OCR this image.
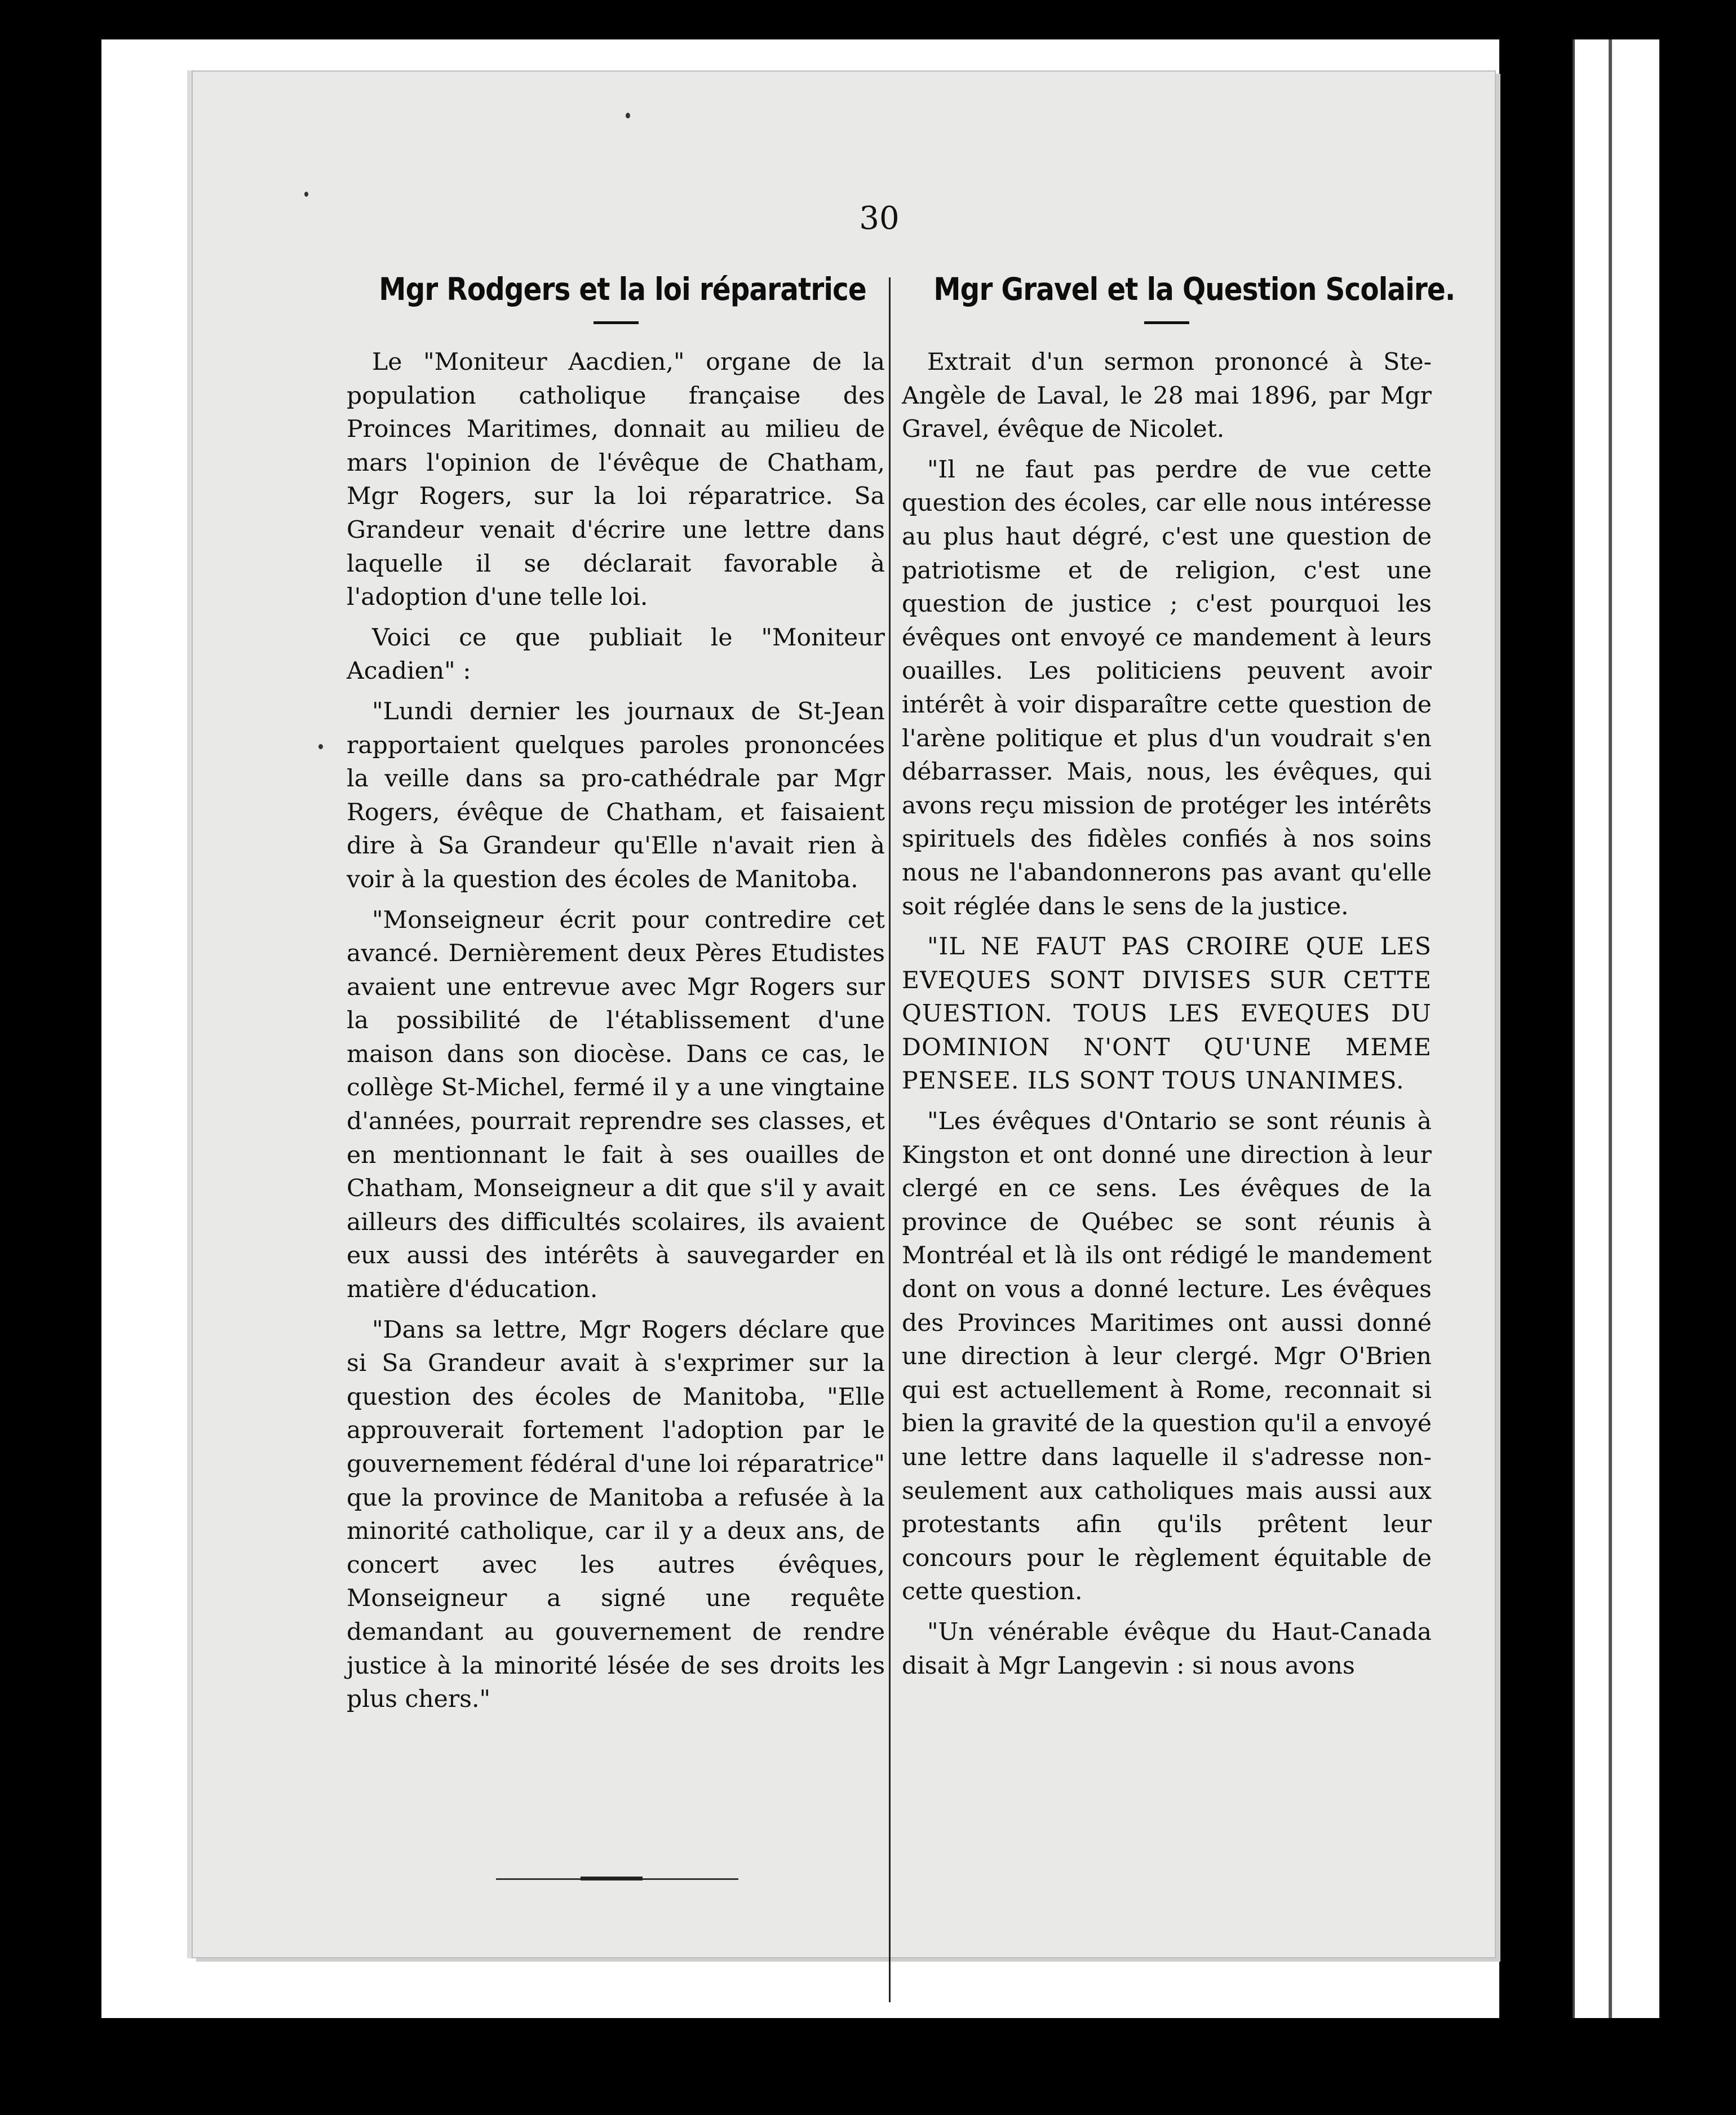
30
Mgr Rodgers et la loi réparatrice

Le "Moniteur Aacdien," organe de la population catholique française des Proinces Maritimes, donnait au milieu de mars l'opinion de l'évêque de Chatham, Mgr Rogers, sur la loi réparatrice. Sa Grandeur venait d'écrire une lettre dans laquelle il se déclarait favorable à l'adoption d'une telle loi.

Voici ce que publiait le "Moniteur Acadien" :

"Lundi dernier les journaux de St-Jean rapportaient quelques paroles prononcées la veille dans sa pro-cathédrale par Mgr Rogers, évêque de Chatham, et faisaient dire à Sa Grandeur qu'Elle n'avait rien à voir à la question des écoles de Manitoba.

"Monseigneur écrit pour contredire cet avancé. Dernièrement deux Pères Etudistes avaient une entrevue avec Mgr Rogers sur la possibilité de l'établissement d'une maison dans son diocèse. Dans ce cas, le collège St-Michel, fermé il y a une vingtaine d'années, pourrait reprendre ses classes, et en mentionnant le fait à ses ouailles de Chatham, Monseigneur a dit que s'il y avait ailleurs des difficultés scolaires, ils avaient eux aussi des intérêts à sauvegarder en matière d'éducation.

"Dans sa lettre, Mgr Rogers déclare que si Sa Grandeur avait à s'exprimer sur la question des écoles de Manitoba, "Elle approuverait fortement l'adoption par le gouvernement fédéral d'une loi réparatrice" que la province de Manitoba a refusée à la minorité catholique, car il y a deux ans, de concert avec les autres évêques, Monseigneur a signé une requête demandant au gouvernement de rendre justice à la minorité lésée de ses droits les plus chers."

Mgr Gravel et la Question Scolaire.

Extrait d'un sermon prononcé à Ste-Angèle de Laval, le 28 mai 1896, par Mgr Gravel, évêque de Nicolet.

"Il ne faut pas perdre de vue cette question des écoles, car elle nous intéresse au plus haut dégré, c'est une question de patriotisme et de religion, c'est une question de justice ; c'est pourquoi les évêques ont envoyé ce mandement à leurs ouailles. Les politiciens peuvent avoir intérêt à voir disparaître cette question de l'arène politique et plus d'un voudrait s'en débarrasser. Mais, nous, les évêques, qui avons reçu mission de protéger les intérêts spirituels des fidèles confiés à nos soins nous ne l'abandonnerons pas avant qu'elle soit réglée dans le sens de la justice.

"IL NE FAUT PAS CROIRE QUE LES EVEQUES SONT DIVISES SUR CETTE QUESTION. TOUS LES EVEQUES DU DOMINION N'ONT QU'UNE MEME PENSEE. ILS SONT TOUS UNANIMES.

"Les évêques d'Ontario se sont réunis à Kingston et ont donné une direction à leur clergé en ce sens. Les évêques de la province de Québec se sont réunis à Montréal et là ils ont rédigé le mandement dont on vous a donné lecture. Les évêques des Provinces Maritimes ont aussi donné une direction à leur clergé. Mgr O'Brien qui est actuellement à Rome, reconnait si bien la gravité de la question qu'il a envoyé une lettre dans laquelle il s'adresse non-seulement aux catholiques mais aussi aux protestants afin qu'ils prêtent leur concours pour le règlement équitable de cette question.

"Un vénérable évêque du Haut-Canada disait à Mgr Langevin : si nous avons
